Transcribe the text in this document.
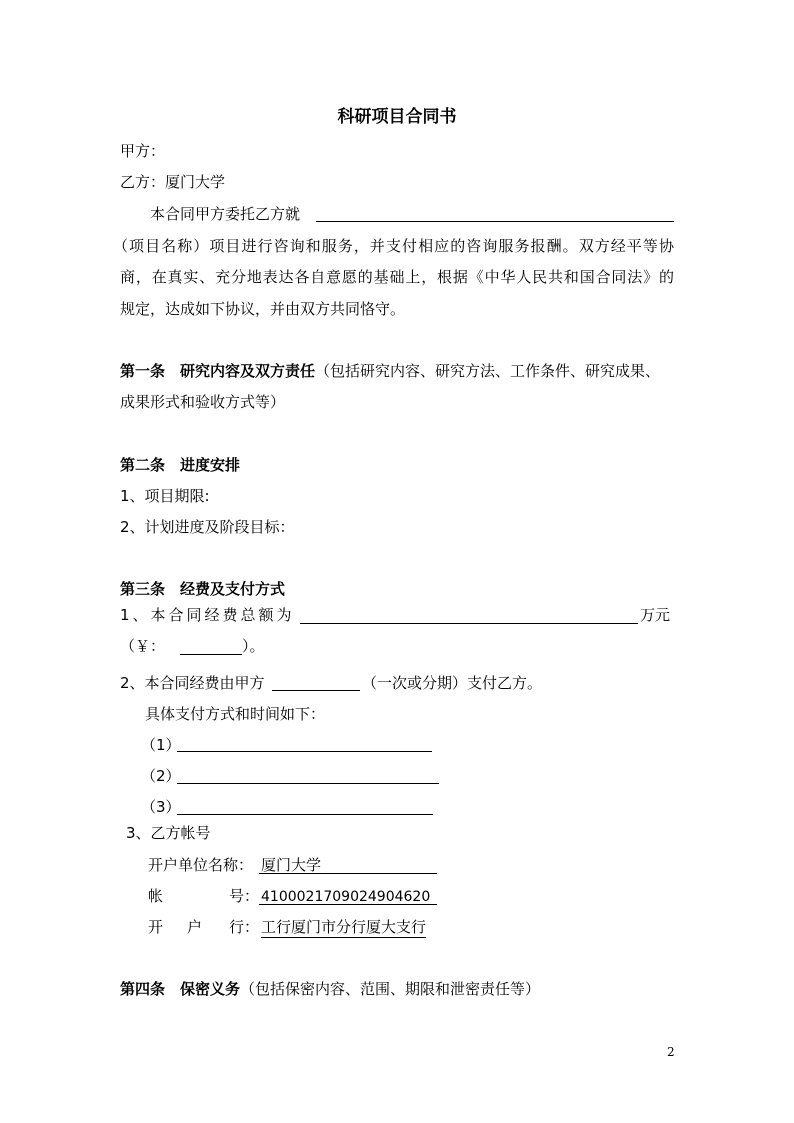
科研项目合同书
甲方：
乙方：厦门大学
本合同甲方委托乙方就
（项目名称）项目进行咨询和服务，并支付相应的咨询服务报酬。双方经平等协
商，在真实、充分地表达各自意愿的基础上，根据《中华人民共和国合同法》的
规定，达成如下协议，并由双方共同恪守。
第一条　研究内容及双方责任（包括研究内容、研究方法、工作条件、研究成果、
成果形式和验收方式等）
第二条　进度安排
1、项目期限:
2、计划进度及阶段目标：
第三条　经费及支付方式
1、本合同经费总额为	万元
（￥：	）。
2、本合同经费由甲方	（一次或分期）支付乙方。
具体支付方式和时间如下：
（1）
（2）
（3）
3、乙方帐号
开户单位名称： 厦门大学
帐	号： 4100021709024904620
开 户 行： 工行厦门市分行厦大支行
第四条　保密义务（包括保密内容、范围、期限和泄密责任等）
2
